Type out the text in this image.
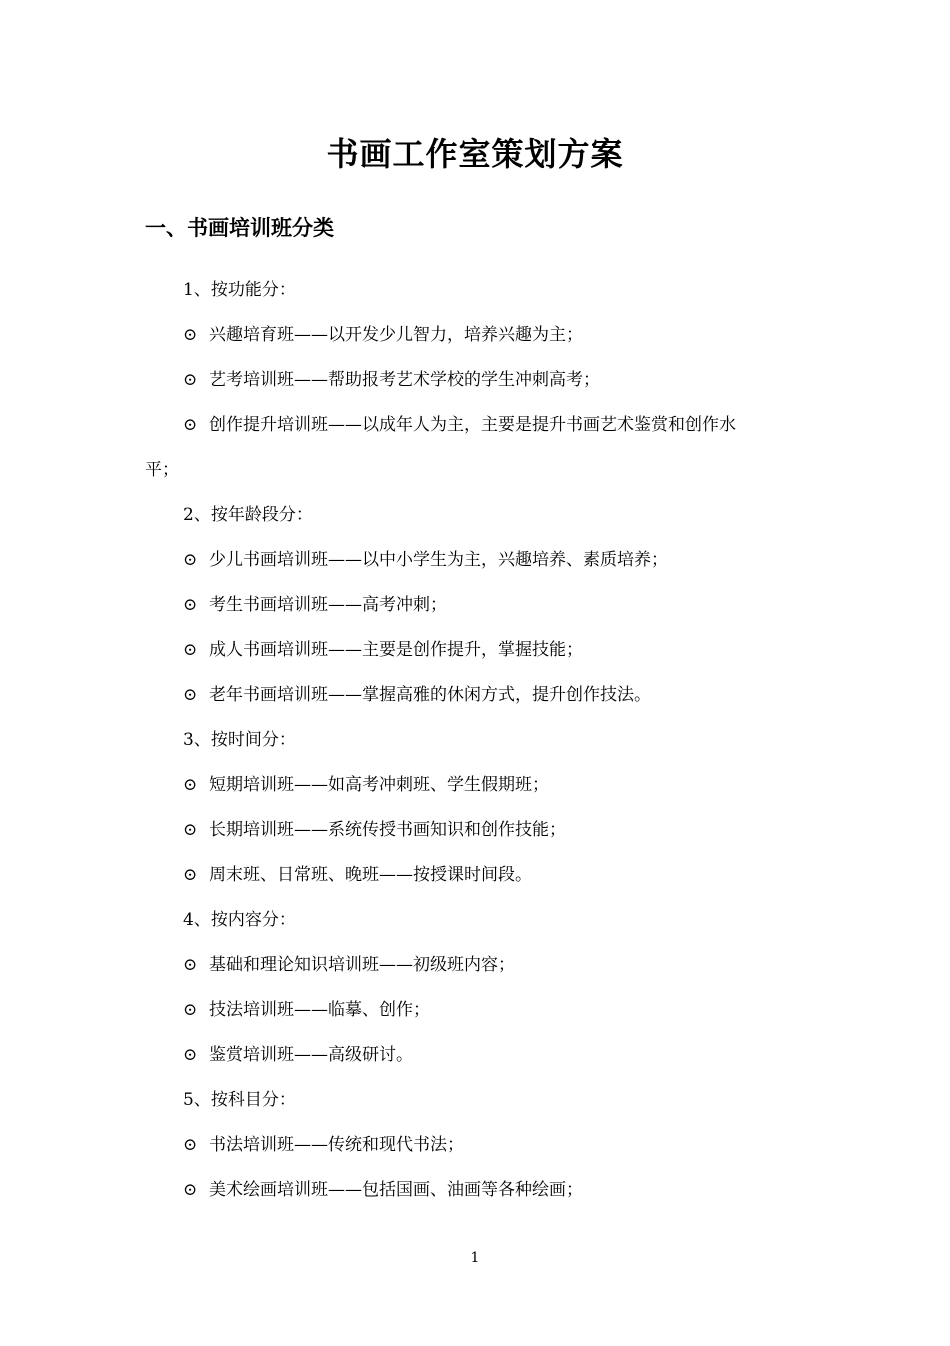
书画工作室策划方案
一、书画培训班分类
1、按功能分：
⊙ 兴趣培育班——以开发少儿智力，培养兴趣为主；
⊙ 艺考培训班——帮助报考艺术学校的学生冲刺高考；
⊙ 创作提升培训班——以成年人为主，主要是提升书画艺术鉴赏和创作水
平；
2、按年龄段分：
⊙ 少儿书画培训班——以中小学生为主，兴趣培养、素质培养；
⊙ 考生书画培训班——高考冲刺；
⊙ 成人书画培训班——主要是创作提升，掌握技能；
⊙ 老年书画培训班——掌握高雅的休闲方式，提升创作技法。
3、按时间分：
⊙ 短期培训班——如高考冲刺班、学生假期班；
⊙ 长期培训班——系统传授书画知识和创作技能；
⊙ 周末班、日常班、晚班——按授课时间段。
4、按内容分：
⊙ 基础和理论知识培训班——初级班内容；
⊙ 技法培训班——临摹、创作；
⊙ 鉴赏培训班——高级研讨。
5、按科目分：
⊙ 书法培训班——传统和现代书法；
⊙ 美术绘画培训班——包括国画、油画等各种绘画；
1
